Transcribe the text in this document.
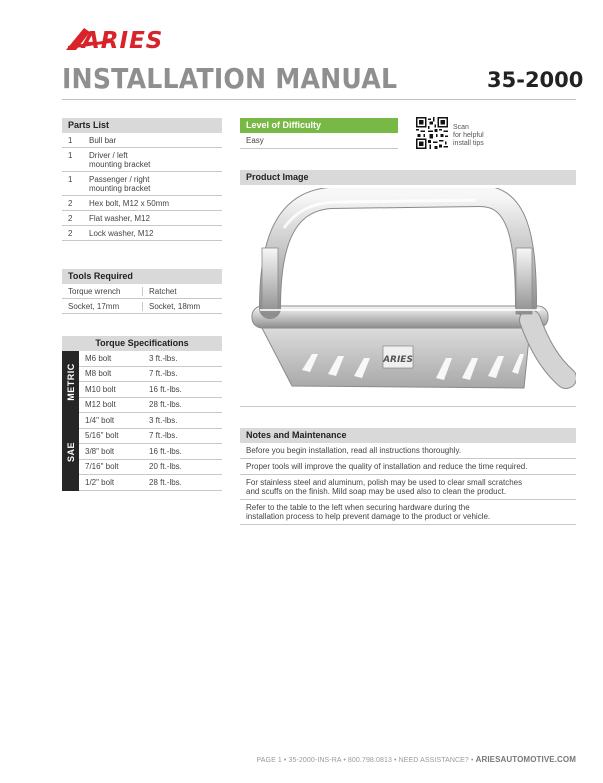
ARIES
INSTALLATION MANUAL	35-2000
Parts List
1	Bull bar
1	Driver / left
mounting bracket
1	Passenger / right
mounting bracket
2	Hex bolt, M12 x 50mm
2	Flat washer, M12
2	Lock washer, M12
Tools Required
Torque wrench	Ratchet
Socket, 17mm	Socket, 18mm
Torque Specifications
METRIC
M6 bolt	3 ft.-lbs.
M8 bolt	7 ft.-lbs.
M10 bolt	16 ft.-lbs.
M12 bolt	28 ft.-lbs.
SAE
1/4" bolt	3 ft.-lbs.
5/16" bolt	7 ft.-lbs.
3/8" bolt	16 ft.-lbs.
7/16" bolt	20 ft.-lbs.
1/2" bolt	28 ft.-lbs.
Level of Difficulty
Easy
Scan
for helpful
install tips
Product Image
ARIES
Notes and Maintenance
Before you begin installation, read all instructions thoroughly.
Proper tools will improve the quality of installation and reduce the time required.
For stainless steel and aluminum, polish may be used to clear small scratches
and scuffs on the finish. Mild soap may be used also to clean the product.
Refer to the table to the left when securing hardware during the
installation process to help prevent damage to the product or vehicle.
PAGE 1 • 35-2000-INS-RA • 800.798.0813 • NEED ASSISTANCE? • ARIESAUTOMOTIVE.COM
